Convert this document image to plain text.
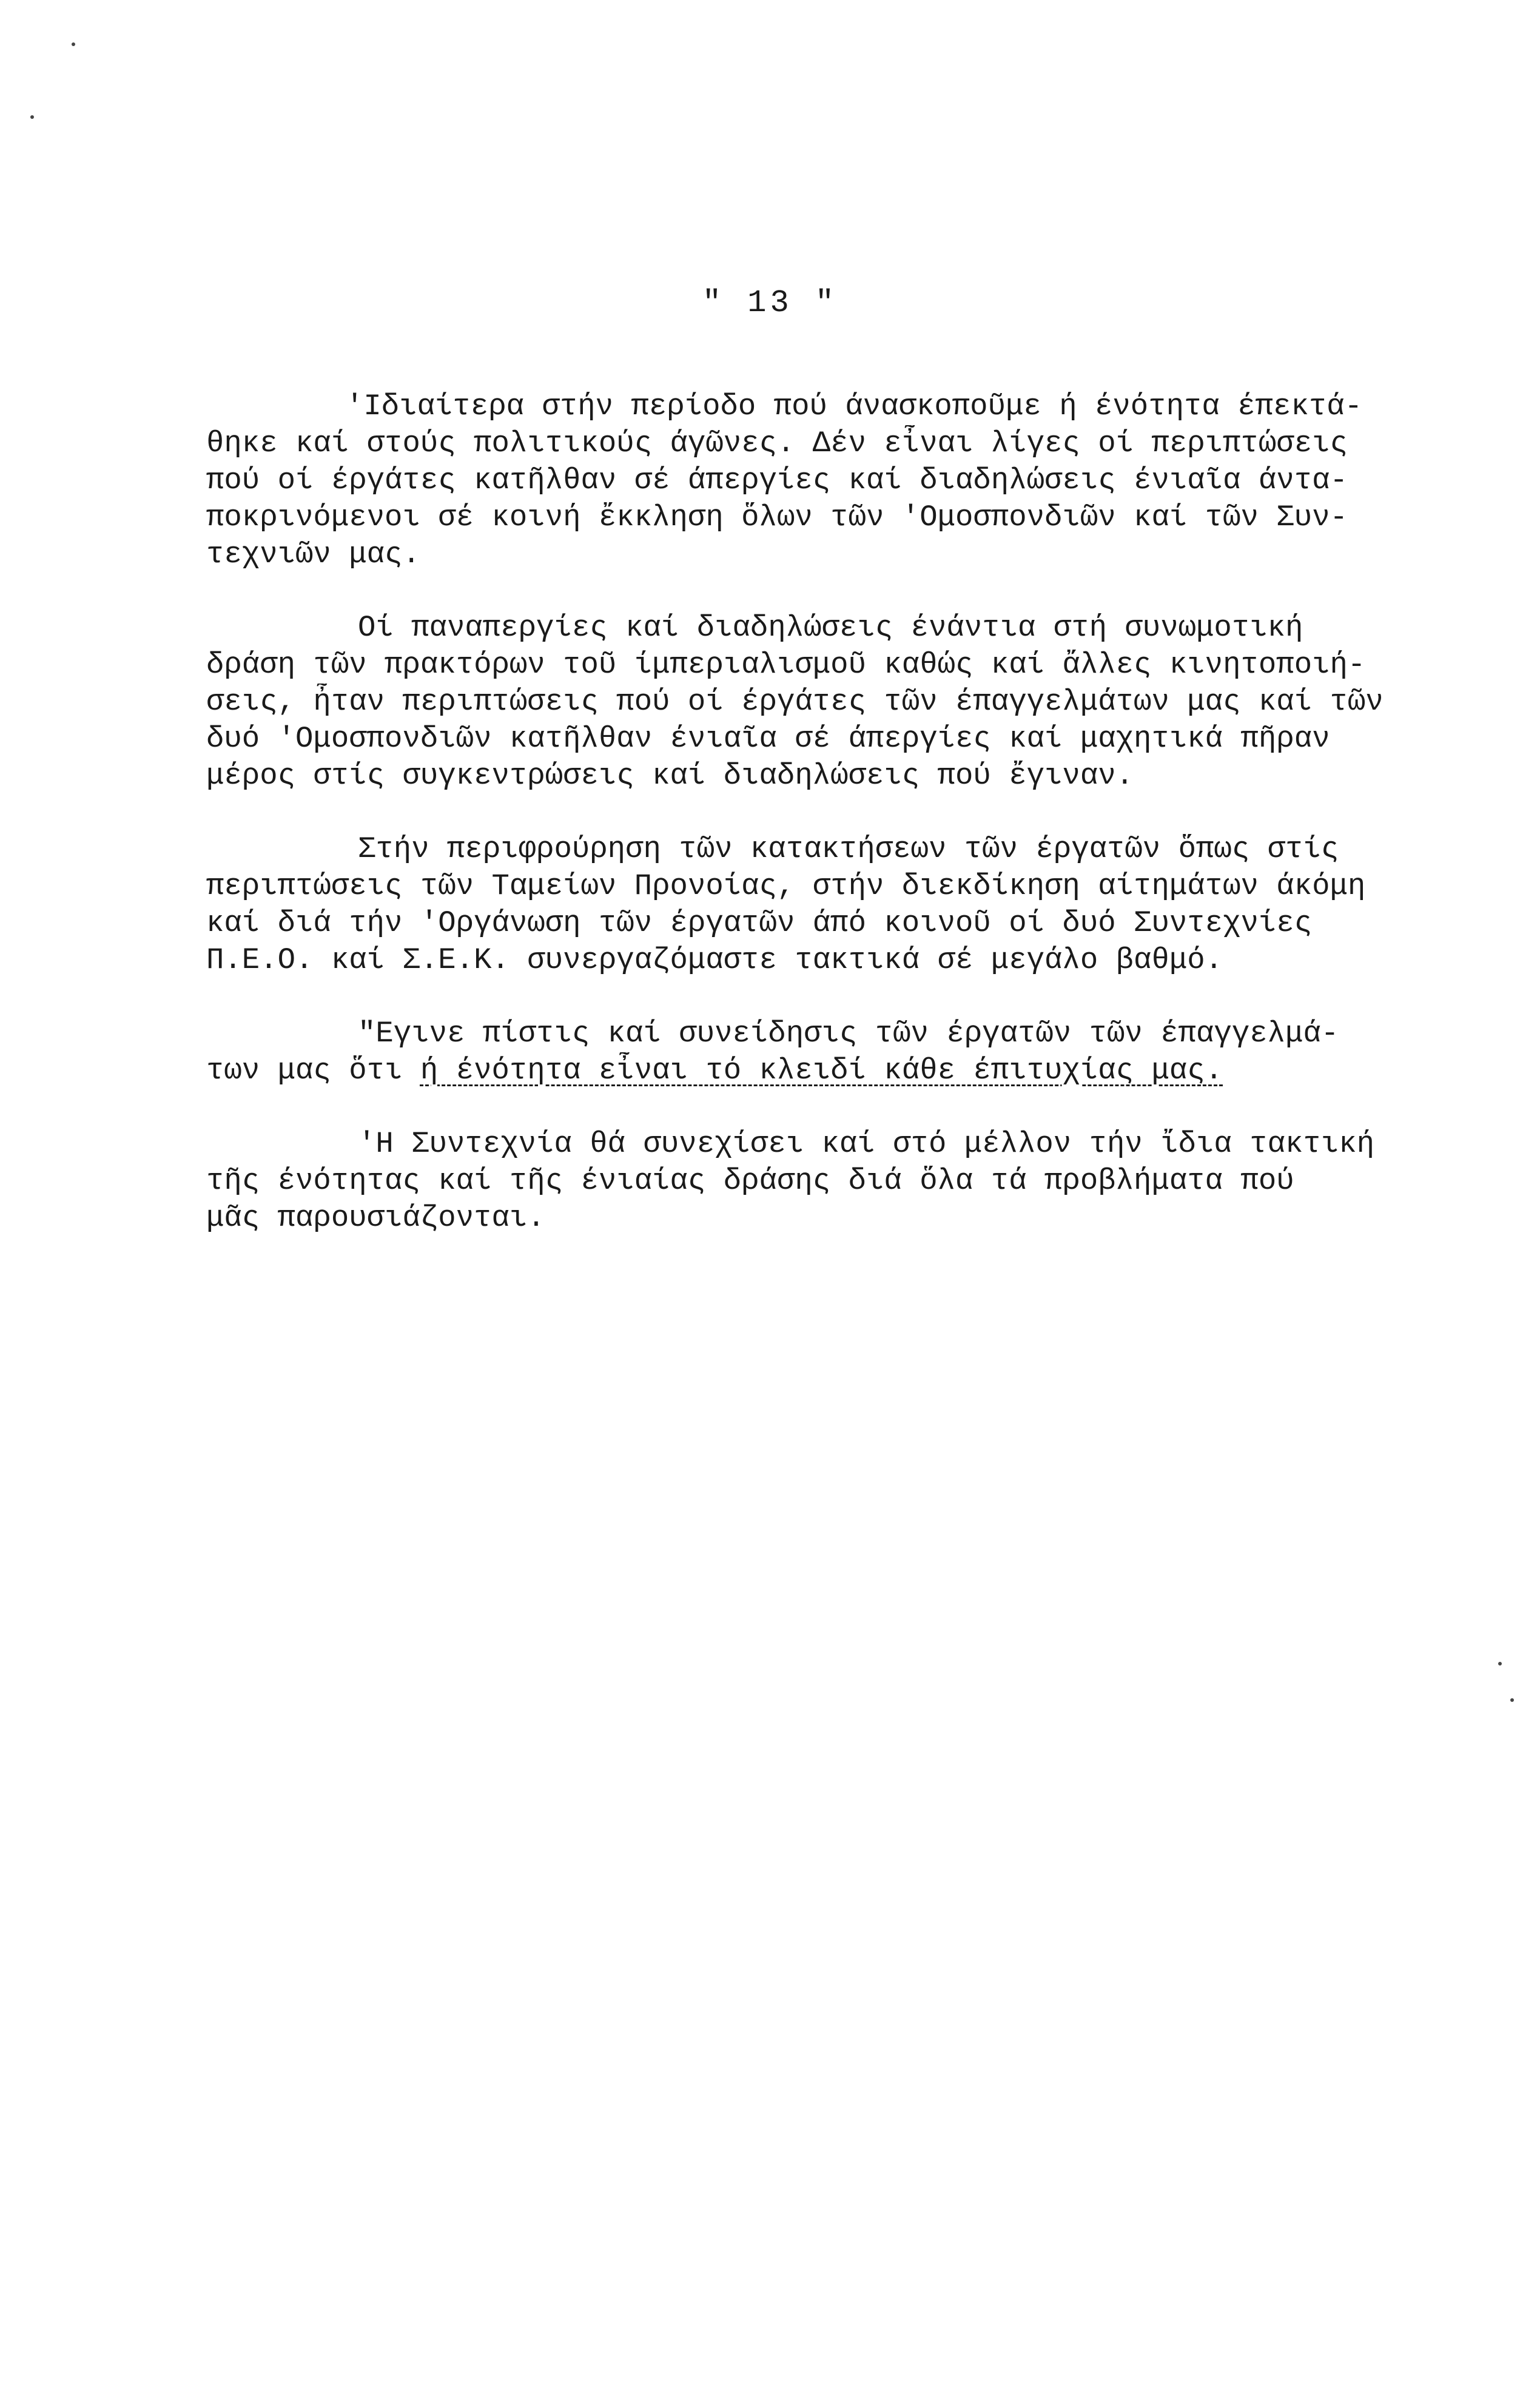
" 13 "
'Ιδιαίτερα στήν περίοδο πού άνασκοποῦμε ή ένότητα έπεκτά-
θηκε καί στούς πολιτικούς άγῶνες. Δέν εἶναι λίγες οί περιπτώσεις
πού οί έργάτες κατῆλθαν σέ άπεργίες καί διαδηλώσεις ένιαῖα άντα-
ποκρινόμενοι σέ κοινή ἔκκληση ὅλων τῶν 'Ομοσπονδιῶν καί τῶν Συν-
τεχνιῶν μας.
Οί παναπεργίες καί διαδηλώσεις ένάντια στή συνωμοτική
δράση τῶν πρακτόρων τοῦ ίμπεριαλισμοῦ καθώς καί ἄλλες κινητοποιή-
σεις, ἦταν περιπτώσεις πού οί έργάτες τῶν έπαγγελμάτων μας καί τῶν
δυό 'Ομοσπονδιῶν κατῆλθαν ένιαῖα σέ άπεργίες καί μαχητικά πῆραν
μέρος στίς συγκεντρώσεις καί διαδηλώσεις πού ἔγιναν.
Στήν περιφρούρηση τῶν κατακτήσεων τῶν έργατῶν ὅπως στίς
περιπτώσεις τῶν Ταμείων Προνοίας, στήν διεκδίκηση αίτημάτων άκόμη
καί διά τήν 'Οργάνωση τῶν έργατῶν άπό κοινοῦ οί δυό Συντεχνίες
Π.Ε.Ο. καί Σ.Ε.Κ. συνεργαζόμαστε τακτικά σέ μεγάλο βαθμό.
"Εγινε πίστις καί συνείδησις τῶν έργατῶν τῶν έπαγγελμά-
των μας ὅτι ή ένότητα εἶναι τό κλειδί κάθε έπιτυχίας μας.
'Η Συντεχνία θά συνεχίσει καί στό μέλλον τήν ἴδια τακτική
τῆς ένότητας καί τῆς ένιαίας δράσης διά ὅλα τά προβλήματα πού
μᾶς παρουσιάζονται.
